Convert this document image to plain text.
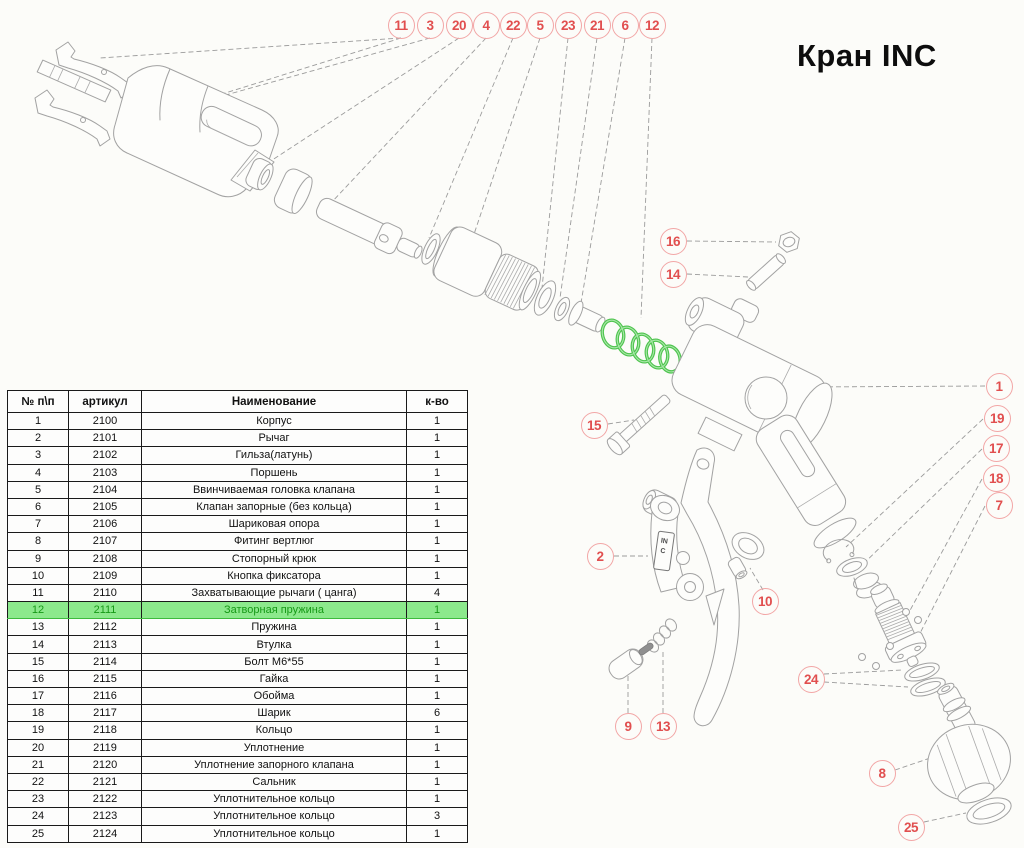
Кран INC
INC
11	3	20	4	22	5	23	21	6	12
16
14
15
1
19
17
18
7
2
10
9	13
24
8
25
№ п\п	артикул	Наименование	к-во
1	2100	Корпус	1
2	2101	Рычаг	1
3	2102	Гильза(латунь)	1
4	2103	Поршень	1
5	2104	Ввинчиваемая головка клапана	1
6	2105	Клапан запорные (без кольца)	1
7	2106	Шариковая опора	1
8	2107	Фитинг вертлюг	1
9	2108	Стопорный крюк	1
10	2109	Кнопка фиксатора	1
11	2110	Захватывающие рычаги ( цанга)	4
12	2111	Затворная пружина	1
13	2112	Пружина	1
14	2113	Втулка	1
15	2114	Болт М6*55	1
16	2115	Гайка	1
17	2116	Обойма	1
18	2117	Шарик	6
19	2118	Кольцо	1
20	2119	Уплотнение	1
21	2120	Уплотнение запорного клапана	1
22	2121	Сальник	1
23	2122	Уплотнительное кольцо	1
24	2123	Уплотнительное кольцо	3
25	2124	Уплотнительное кольцо	1
